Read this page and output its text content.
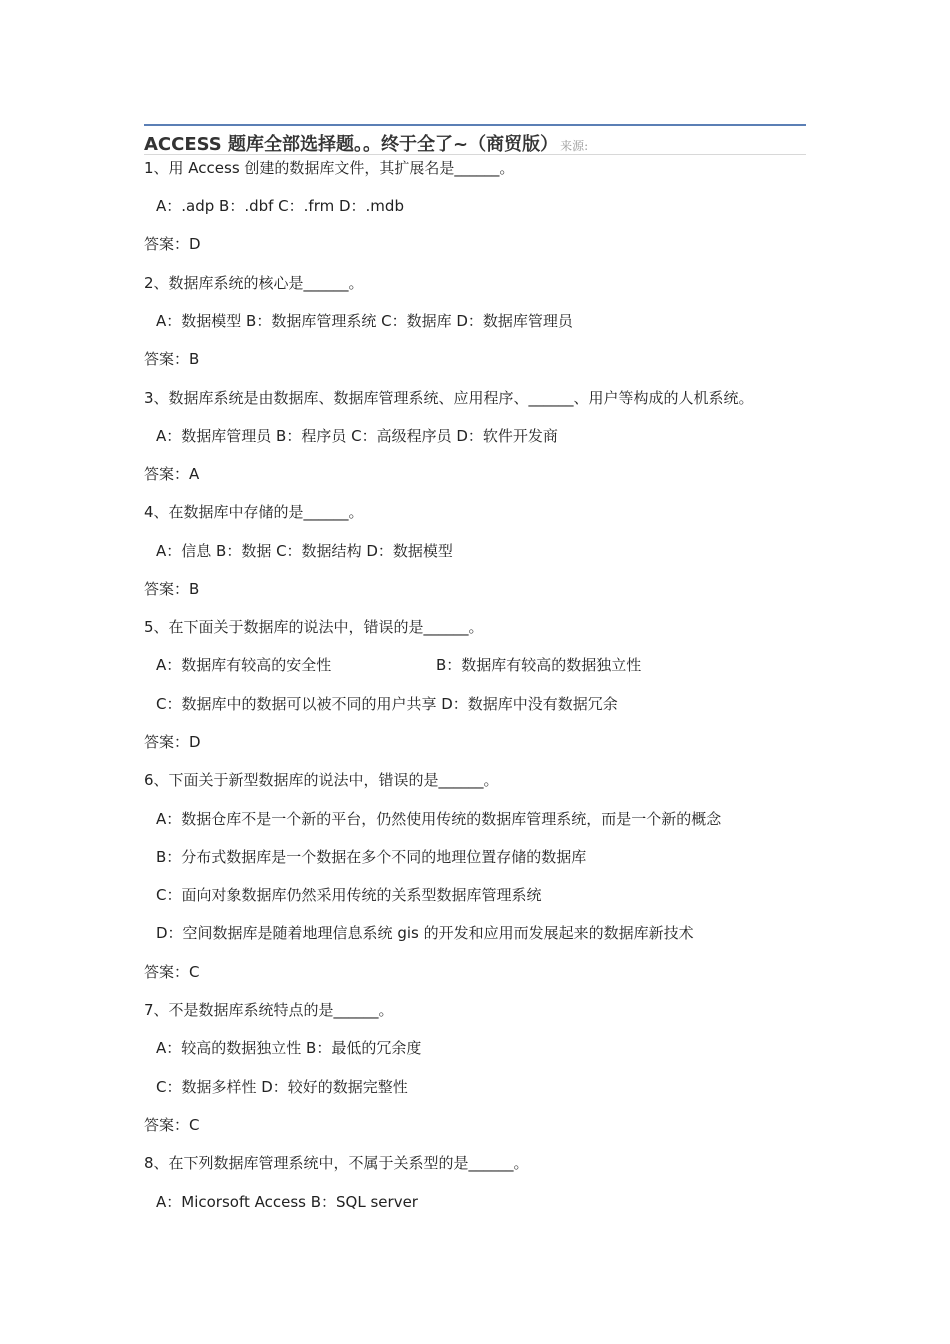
ACCESS 题库全部选择题。。终于全了~（商贸版） 来源:
1、用 Access 创建的数据库文件，其扩展名是______。
A：.adp B：.dbf C：.frm D：.mdb
答案：D
2、数据库系统的核心是______。
A：数据模型 B：数据库管理系统 C：数据库 D：数据库管理员
答案：B
3、数据库系统是由数据库、数据库管理系统、应用程序、______、用户等构成的人机系统。
A：数据库管理员 B：程序员 C：高级程序员 D：软件开发商
答案：A
4、在数据库中存储的是______。
A：信息 B：数据 C：数据结构 D：数据模型
答案：B
5、在下面关于数据库的说法中，错误的是______。
A：数据库有较高的安全性	B：数据库有较高的数据独立性
C：数据库中的数据可以被不同的用户共享 D：数据库中没有数据冗余
答案：D
6、下面关于新型数据库的说法中，错误的是______。
A：数据仓库不是一个新的平台，仍然使用传统的数据库管理系统，而是一个新的概念
B：分布式数据库是一个数据在多个不同的地理位置存储的数据库
C：面向对象数据库仍然采用传统的关系型数据库管理系统
D：空间数据库是随着地理信息系统 gis 的开发和应用而发展起来的数据库新技术
答案：C
7、不是数据库系统特点的是______。
A：较高的数据独立性 B：最低的冗余度
C：数据多样性 D：较好的数据完整性
答案：C
8、在下列数据库管理系统中，不属于关系型的是______。
A：Micorsoft Access B：SQL server
